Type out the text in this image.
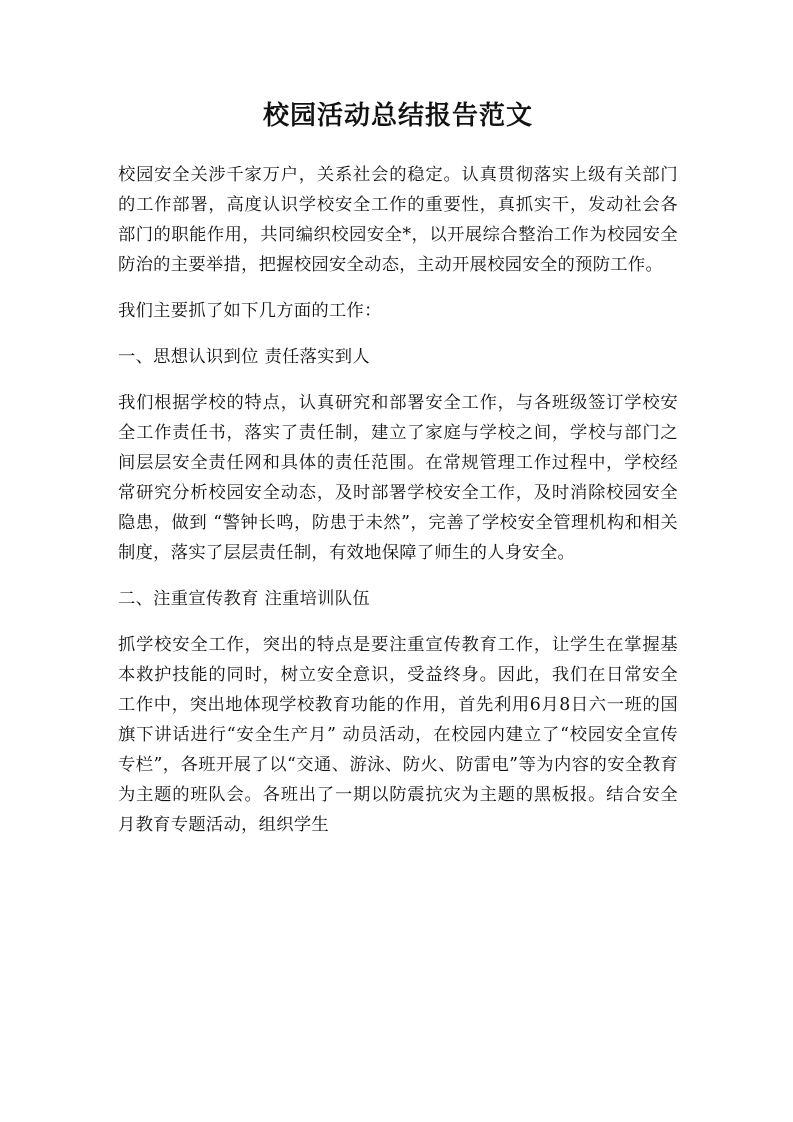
校园活动总结报告范文

校园安全关涉千家万户，关系社会的稳定。认真贯彻落实上级有关部门的工作部署，高度认识学校安全工作的重要性，真抓实干，发动社会各部门的职能作用，共同编织校园安全*，以开展综合整治工作为校园安全防治的主要举措，把握校园安全动态，主动开展校园安全的预防工作。

我们主要抓了如下几方面的工作：

一、思想认识到位 责任落实到人

我们根据学校的特点，认真研究和部署安全工作，与各班级签订学校安全工作责任书，落实了责任制，建立了家庭与学校之间，学校与部门之间层层安全责任网和具体的责任范围。在常规管理工作过程中，学校经常研究分析校园安全动态，及时部署学校安全工作，及时消除校园安全隐患，做到 “警钟长鸣，防患于未然”，完善了学校安全管理机构和相关制度，落实了层层责任制，有效地保障了师生的人身安全。

二、注重宣传教育 注重培训队伍

抓学校安全工作，突出的特点是要注重宣传教育工作，让学生在掌握基本救护技能的同时，树立安全意识，受益终身。因此，我们在日常安全工作中，突出地体现学校教育功能的作用，首先利用6月8日六一班的国旗下讲话进行“安全生产月” 动员活动，在校园内建立了“校园安全宣传专栏”，各班开展了以“交通、游泳、防火、防雷电”等为内容的安全教育为主题的班队会。各班出了一期以防震抗灾为主题的黑板报。结合安全月教育专题活动，组织学生
